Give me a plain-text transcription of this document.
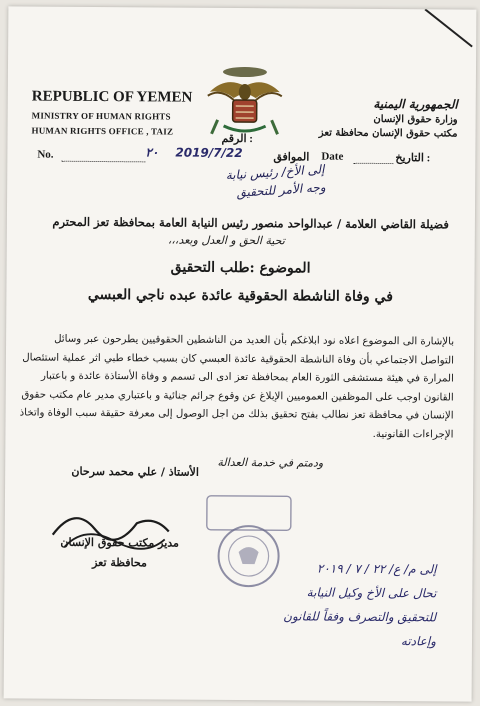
REPUBLIC OF YEMEN
MINISTRY OF HUMAN RIGHTS
HUMAN RIGHTS OFFICE , TAIZ
الجمهورية اليمنية
وزارة حقوق الإنسان
مكتب حقوق الإنسان محافظة تعز
No.	٢٠ 2019/7/22	الموافق Date	التاريخ :
الرقم :
إلى الأخ/ رئيس نيابة
وجه الأمر للتحقيق
فضيلة القاضي العلامة / عبدالواحد منصور رئيس النيابة العامة بمحافظة تعز المحترم
تحية الحق و العدل وبعد،،،
الموضوع :طلب التحقيق
في وفاة الناشطة الحقوقية عائدة عبده ناجي العبسي
بالإشارة الى الموضوع اعلاه نود ابلاغكم بأن العديد من الناشطين الحقوقيين يطرحون عبر وسائل التواصل الاجتماعي بأن وفاة الناشطة الحقوقية عائدة العبسي كان بسبب خطاء طبي اثر عملية استئصال المرارة في هيئة مستشفى الثورة العام بمحافظة تعز ادى الى تسمم و وفاة الأستاذة عائدة و باعتبار القانون اوجب على الموظفين العموميين الإبلاغ عن وقوع جرائم جنائية و باعتباري مدير عام مكتب حقوق الإنسان في محافظة تعز نطالب بفتح تحقيق بذلك من اجل الوصول إلى معرفة حقيقة سبب الوفاة واتخاذ الإجراءات القانونية.
ودمتم في خدمة العدالة
الأستاذ / علي محمد سرحان
مدير مكتب حقوق الإنسان
محافظة تعز	إلى م/ ع/ ٢٢ / ٧ / ٢٠١٩
تحال على الأخ وكيل النيابة
للتحقيق والتصرف وفقاً للقانون
وإعادته
